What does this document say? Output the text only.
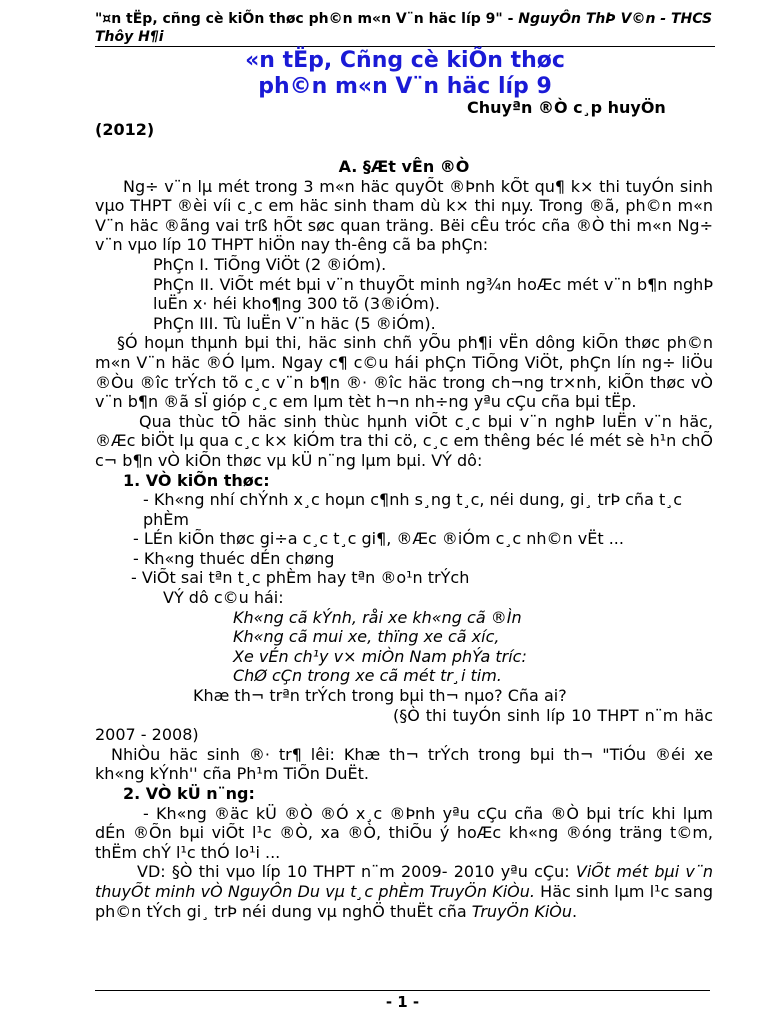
"¤n tËp, cñng cè kiÕn thøc ph©n m«n V¨n häc líp 9" - NguyÔn ThÞ V©n - THCS Thôy H¶i
«n tËp, Cñng cè kiÕn thøc
ph©n m«n V¨n häc líp 9
Chuyªn ®Ò c¸p huyÖn
(2012)

A. §Æt vÊn ®Ò

Ng÷ v¨n lµ mét trong 3 m«n häc quyÕt ®Þnh kÕt qu¶ k× thi tuyÓn sinh vµo THPT ®èi víi c¸c em häc sinh tham dù k× thi nµy. Trong ®ã, ph©n m«n V¨n häc ®ãng vai trß hÕt søc quan träng. Bëi cÊu tróc cña ®Ò thi m«n Ng÷ v¨n vµo líp 10 THPT hiÖn nay th-êng cã ba phÇn:

PhÇn I. TiÕng ViÖt (2 ®iÓm).

PhÇn II. ViÕt mét bµi v¨n thuyÕt minh ng¾n hoÆc mét v¨n b¶n nghÞ luËn x· héi kho¶ng 300 tõ (3®iÓm).

PhÇn III. Tù luËn V¨n häc (5 ®iÓm).

§Ó hoµn thµnh bµi thi, häc sinh chñ yÕu ph¶i vËn dông kiÕn thøc ph©n m«n V¨n häc ®Ó lµm. Ngay c¶ c©u hái phÇn TiÕng ViÖt, phÇn lín ng÷ liÖu ®Òu ®îc trÝch tõ c¸c v¨n b¶n ®· ®îc häc trong ch¬ng tr×nh, kiÕn thøc vÒ v¨n b¶n ®ã sÏ gióp c¸c em lµm tèt h¬n nh÷ng yªu cÇu cña bµi tËp.

Qua thùc tÕ häc sinh thùc hµnh viÕt c¸c bµi v¨n nghÞ luËn v¨n häc, ®Æc biÖt lµ qua c¸c k× kiÓm tra thi cö, c¸c em thêng béc lé mét sè h¹n chÕ c¬ b¶n vÒ kiÕn thøc vµ kÜ n¨ng lµm bµi. VÝ dô:

1. VÒ kiÕn thøc:

- Kh«ng nhí chÝnh x¸c hoµn c¶nh s¸ng t¸c, néi dung, gi¸ trÞ cña t¸c phÈm

- LÉn kiÕn thøc gi÷a c¸c t¸c gi¶, ®Æc ®iÓm c¸c nh©n vËt ...

- Kh«ng thuéc dÉn chøng

- ViÕt sai tªn t¸c phÈm hay tªn ®o¹n trÝch

VÝ dô c©u hái:

Kh«ng cã kÝnh, råi xe kh«ng cã ®Ìn

Kh«ng cã mui xe, thïng xe cã xíc,

Xe vÉn ch¹y v× miÒn Nam phÝa tríc:

ChØ cÇn trong xe cã mét tr¸i tim.

Khæ th¬ trªn trÝch trong bµi th¬ nµo? Cña ai?

(§Ò thi tuyÓn sinh líp 10 THPT n¨m häc 2007 - 2008)

NhiÒu häc sinh ®· tr¶ lêi: Khæ th¬ trÝch trong bµi th¬ "TiÓu ®éi xe kh«ng kÝnh'' cña Ph¹m TiÕn DuËt.

2. VÒ kÜ n¨ng:

- Kh«ng ®äc kÜ ®Ò ®Ó x¸c ®Þnh yªu cÇu cña ®Ò bµi tríc khi lµm dÉn ®Õn bµi viÕt l¹c ®Ò, xa ®Ò, thiÕu ý hoÆc kh«ng ®óng träng t©m, thËm chÝ l¹c thÓ lo¹i ...

VD: §Ò thi vµo líp 10 THPT n¨m 2009- 2010 yªu cÇu: ViÕt mét bµi v¨n thuyÕt minh vÒ NguyÔn Du vµ t¸c phÈm TruyÖn KiÒu. Häc sinh lµm l¹c sang ph©n tÝch gi¸ trÞ néi dung vµ nghÖ thuËt cña TruyÖn KiÒu.

- 1 -
